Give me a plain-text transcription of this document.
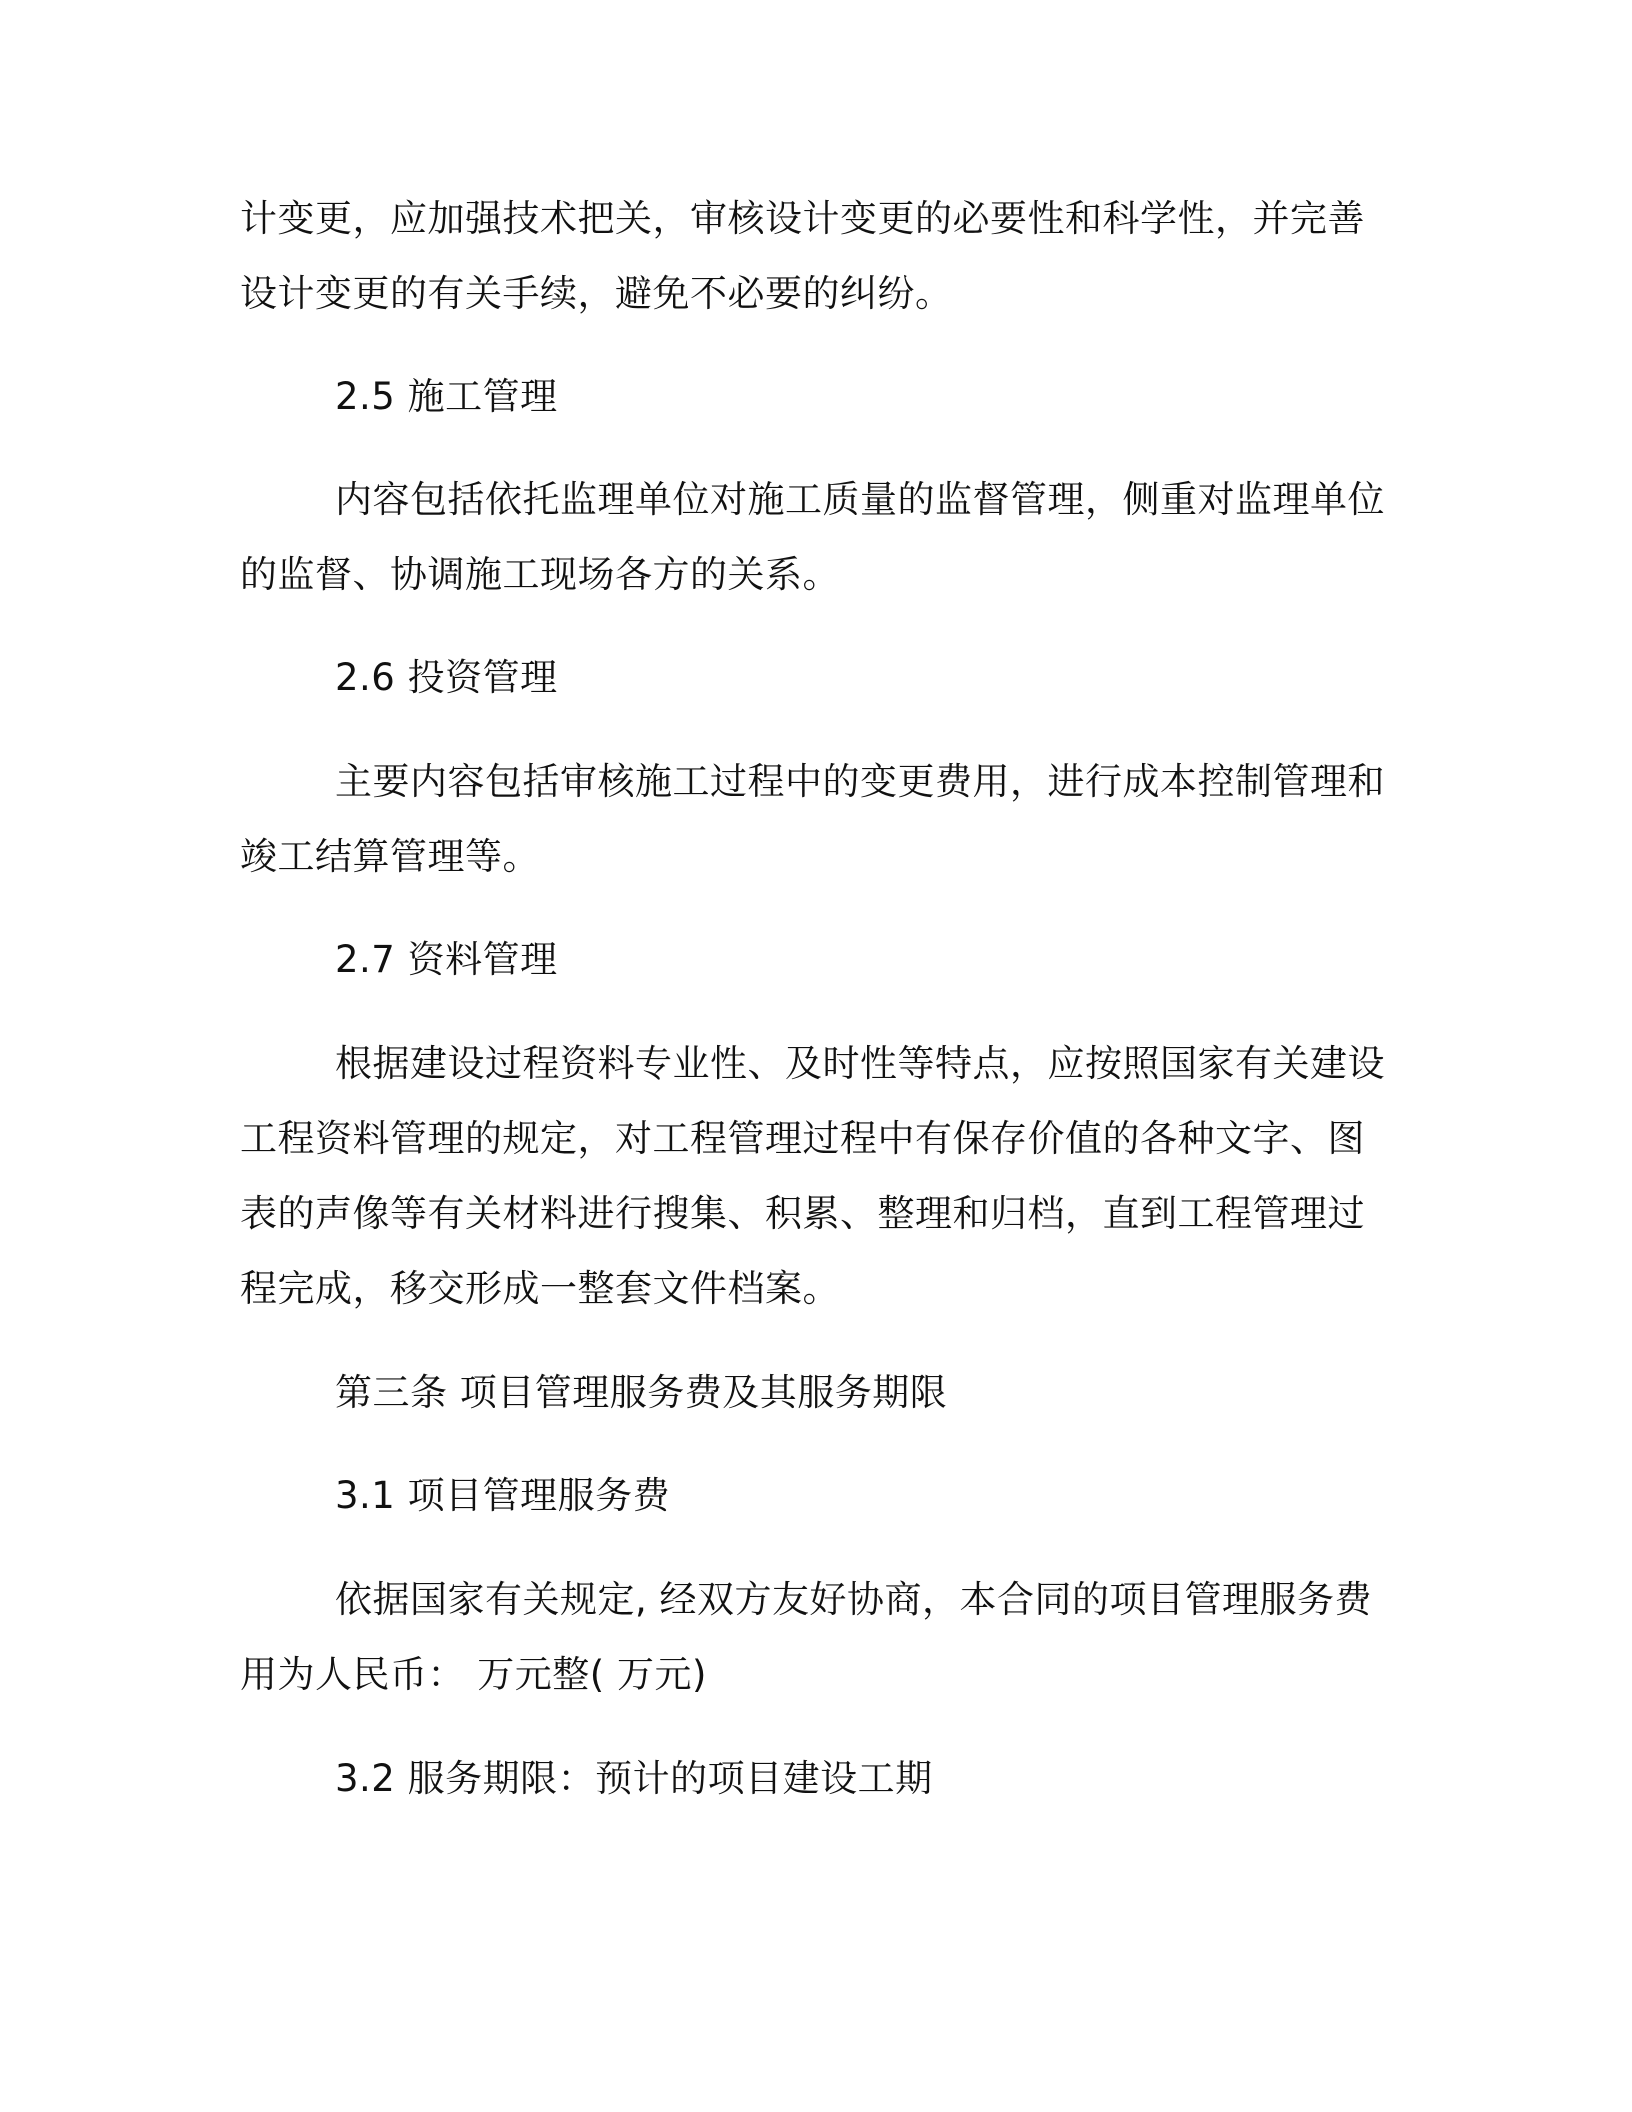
计变更，应加强技术把关，审核设计变更的必要性和科学性，并完善
设计变更的有关手续，避免不必要的纠纷。
2.5 施工管理
内容包括依托监理单位对施工质量的监督管理，侧重对监理单位
的监督、协调施工现场各方的关系。
2.6 投资管理
主要内容包括审核施工过程中的变更费用，进行成本控制管理和
竣工结算管理等。
2.7 资料管理
根据建设过程资料专业性、及时性等特点，应按照国家有关建设
工程资料管理的规定，对工程管理过程中有保存价值的各种文字、图
表的声像等有关材料进行搜集、积累、整理和归档，直到工程管理过
程完成，移交形成一整套文件档案。
第三条 项目管理服务费及其服务期限
3.1 项目管理服务费
依据国家有关规定, 经双方友好协商，本合同的项目管理服务费
用为人民币： 万元整( 万元)
3.2 服务期限：预计的项目建设工期
